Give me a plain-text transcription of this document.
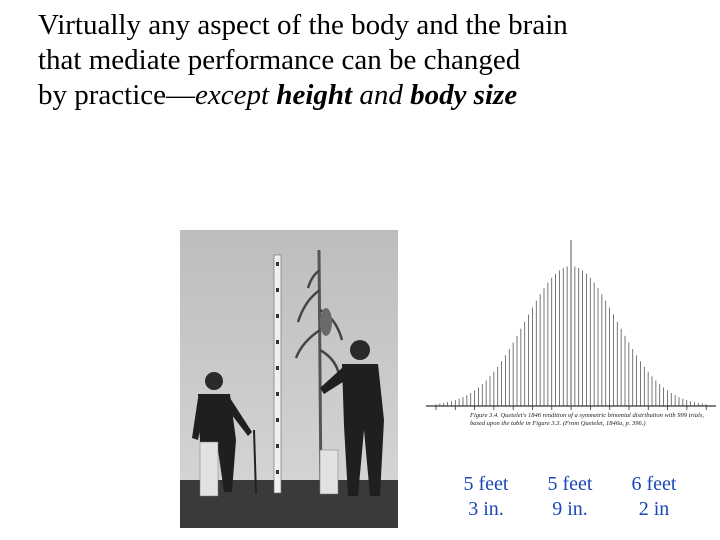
Virtually any aspect of the body and the brain
that mediate performance can be changed
by practice—except height and body size
Figure 3.4. Quetelet's 1846 rendition of a symmetric binomial distribution with 999 trials, based upon the table in Figure 3.3. (From Quetelet, 1846a, p. 396.)
5 feet
3 in.
5 feet
9 in.
6 feet
2 in
